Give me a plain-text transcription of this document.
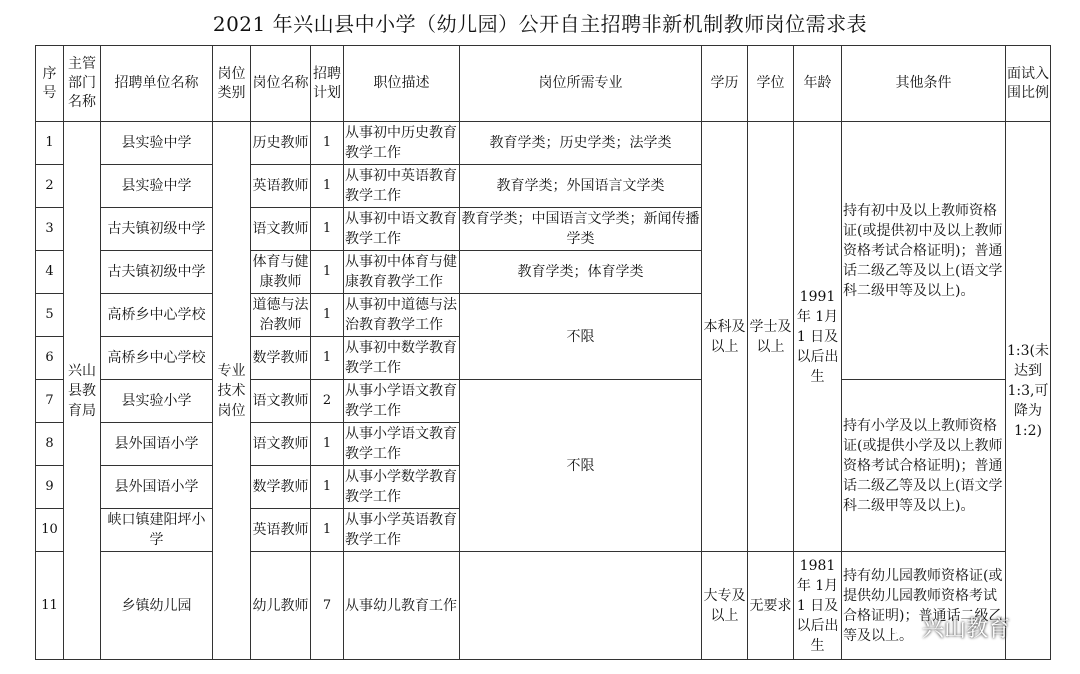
2021 年兴山县中小学（幼儿园）公开自主招聘非新机制教师岗位需求表
序号	主管部门名称	招聘单位名称	岗位类别	岗位名称	招聘计划	职位描述	岗位所需专业	学历	学位	年龄	其他条件	面试入围比例
1	兴山县教育局	县实验中学	专业技术岗位	历史教师	1	从事初中历史教育教学工作	教育学类；历史学类；法学类	本科及以上	学士及以上	1991 年 1月 1 日及以后出生	持有初中及以上教师资格证(或提供初中及以上教师资格考试合格证明)；普通话二级乙等及以上(语文学科二级甲等及以上)。	1:3(未达到1:3,可降为1:2)
2		县实验中学		英语教师	1	从事初中英语教育教学工作	教育学类；外国语言文学类					
3		古夫镇初级中学		语文教师	1	从事初中语文教育教学工作	教育学类；中国语言文学类；新闻传播学类					
4		古夫镇初级中学		体育与健康教师	1	从事初中体育与健康教育教学工作	教育学类；体育学类					
5		高桥乡中心学校		道德与法治教师	1	从事初中道德与法治教育教学工作	不限					
6		高桥乡中心学校		数学教师	1	从事初中数学教育教学工作						
7		县实验小学		语文教师	2	从事小学语文教育教学工作	不限				持有小学及以上教师资格证(或提供小学及以上教师资格考试合格证明)；普通话二级乙等及以上(语文学科二级甲等及以上)。	
8		县外国语小学		语文教师	1	从事小学语文教育教学工作						
9		县外国语小学		数学教师	1	从事小学数学教育教学工作						
10		峡口镇建阳坪小学		英语教师	1	从事小学英语教育教学工作						
11		乡镇幼儿园		幼儿教师	7	从事幼儿教育工作		大专及以上	无要求	1981 年 1月 1 日及以后出生	持有幼儿园教师资格证(或提供幼儿园教师资格考试合格证明)；普通话二级乙等及以上。	兴山教育
